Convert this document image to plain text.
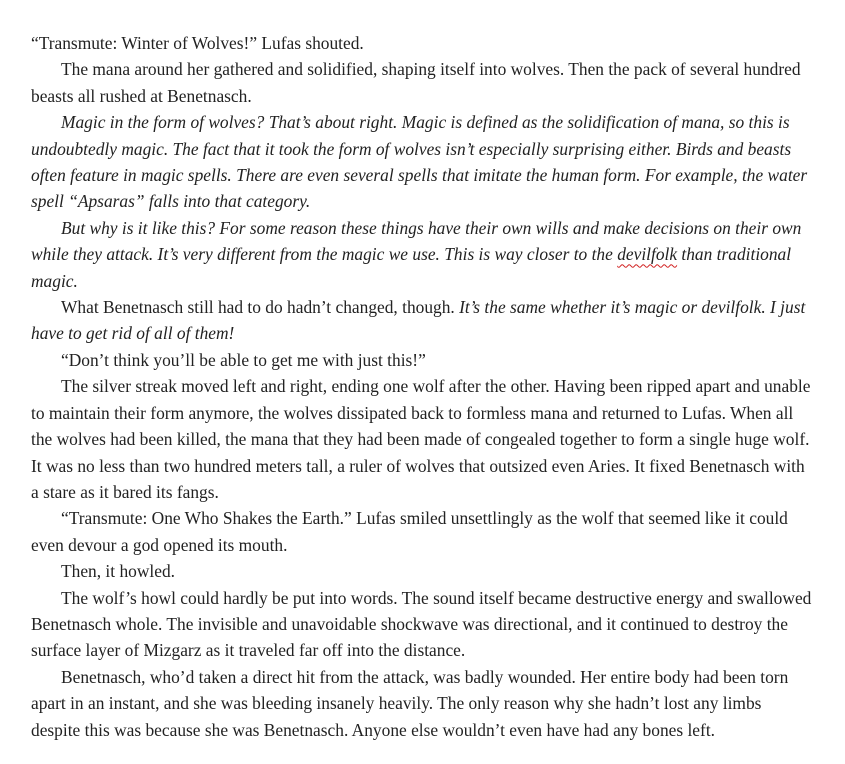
“Transmute: Winter of Wolves!” Lufas shouted.

The mana around her gathered and solidified, shaping itself into wolves. Then the pack of several hundred beasts all rushed at Benetnasch.

Magic in the form of wolves? That’s about right. Magic is defined as the solidification of mana, so this is undoubtedly magic. The fact that it took the form of wolves isn’t especially surprising either. Birds and beasts often feature in magic spells. There are even several spells that imitate the human form. For example, the water spell “Apsaras” falls into that category.

But why is it like this? For some reason these things have their own wills and make decisions on their own while they attack. It’s very different from the magic we use. This is way closer to the devilfolk than traditional magic.

What Benetnasch still had to do hadn’t changed, though. It’s the same whether it’s magic or devilfolk. I just have to get rid of all of them!

“Don’t think you’ll be able to get me with just this!”

The silver streak moved left and right, ending one wolf after the other. Having been ripped apart and unable to maintain their form anymore, the wolves dissipated back to formless mana and returned to Lufas. When all the wolves had been killed, the mana that they had been made of congealed together to form a single huge wolf. It was no less than two hundred meters tall, a ruler of wolves that outsized even Aries. It fixed Benetnasch with a stare as it bared its fangs.

“Transmute: One Who Shakes the Earth.” Lufas smiled unsettlingly as the wolf that seemed like it could even devour a god opened its mouth.

Then, it howled.

The wolf’s howl could hardly be put into words. The sound itself became destructive energy and swallowed Benetnasch whole. The invisible and unavoidable shockwave was directional, and it continued to destroy the surface layer of Mizgarz as it traveled far off into the distance.

Benetnasch, who’d taken a direct hit from the attack, was badly wounded. Her entire body had been torn apart in an instant, and she was bleeding insanely heavily. The only reason why she hadn’t lost any limbs despite this was because she was Benetnasch. Anyone else wouldn’t even have had any bones left.
